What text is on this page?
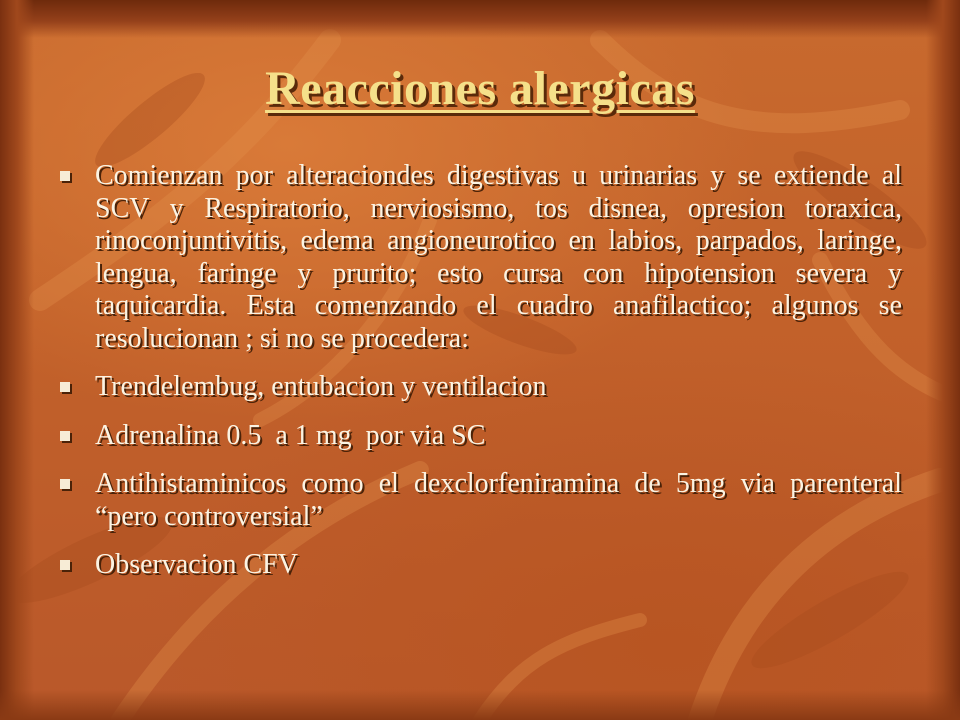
Reacciones alergicas
Comienzan por alteraciondes digestivas u urinarias y se extiende al SCV y Respiratorio, nerviosismo, tos disnea, opresion toraxica, rinoconjuntivitis, edema angioneurotico en labios, parpados, laringe, lengua, faringe y prurito; esto cursa con hipotension severa y taquicardia. Esta comenzando el cuadro anafilactico; algunos se resolucionan ; si no se procedera:
Trendelembug, entubacion y ventilacion
Adrenalina 0.5  a 1 mg  por via SC
Antihistaminicos como el dexclorfeniramina de 5mg via parenteral “pero controversial”
Observacion CFV
